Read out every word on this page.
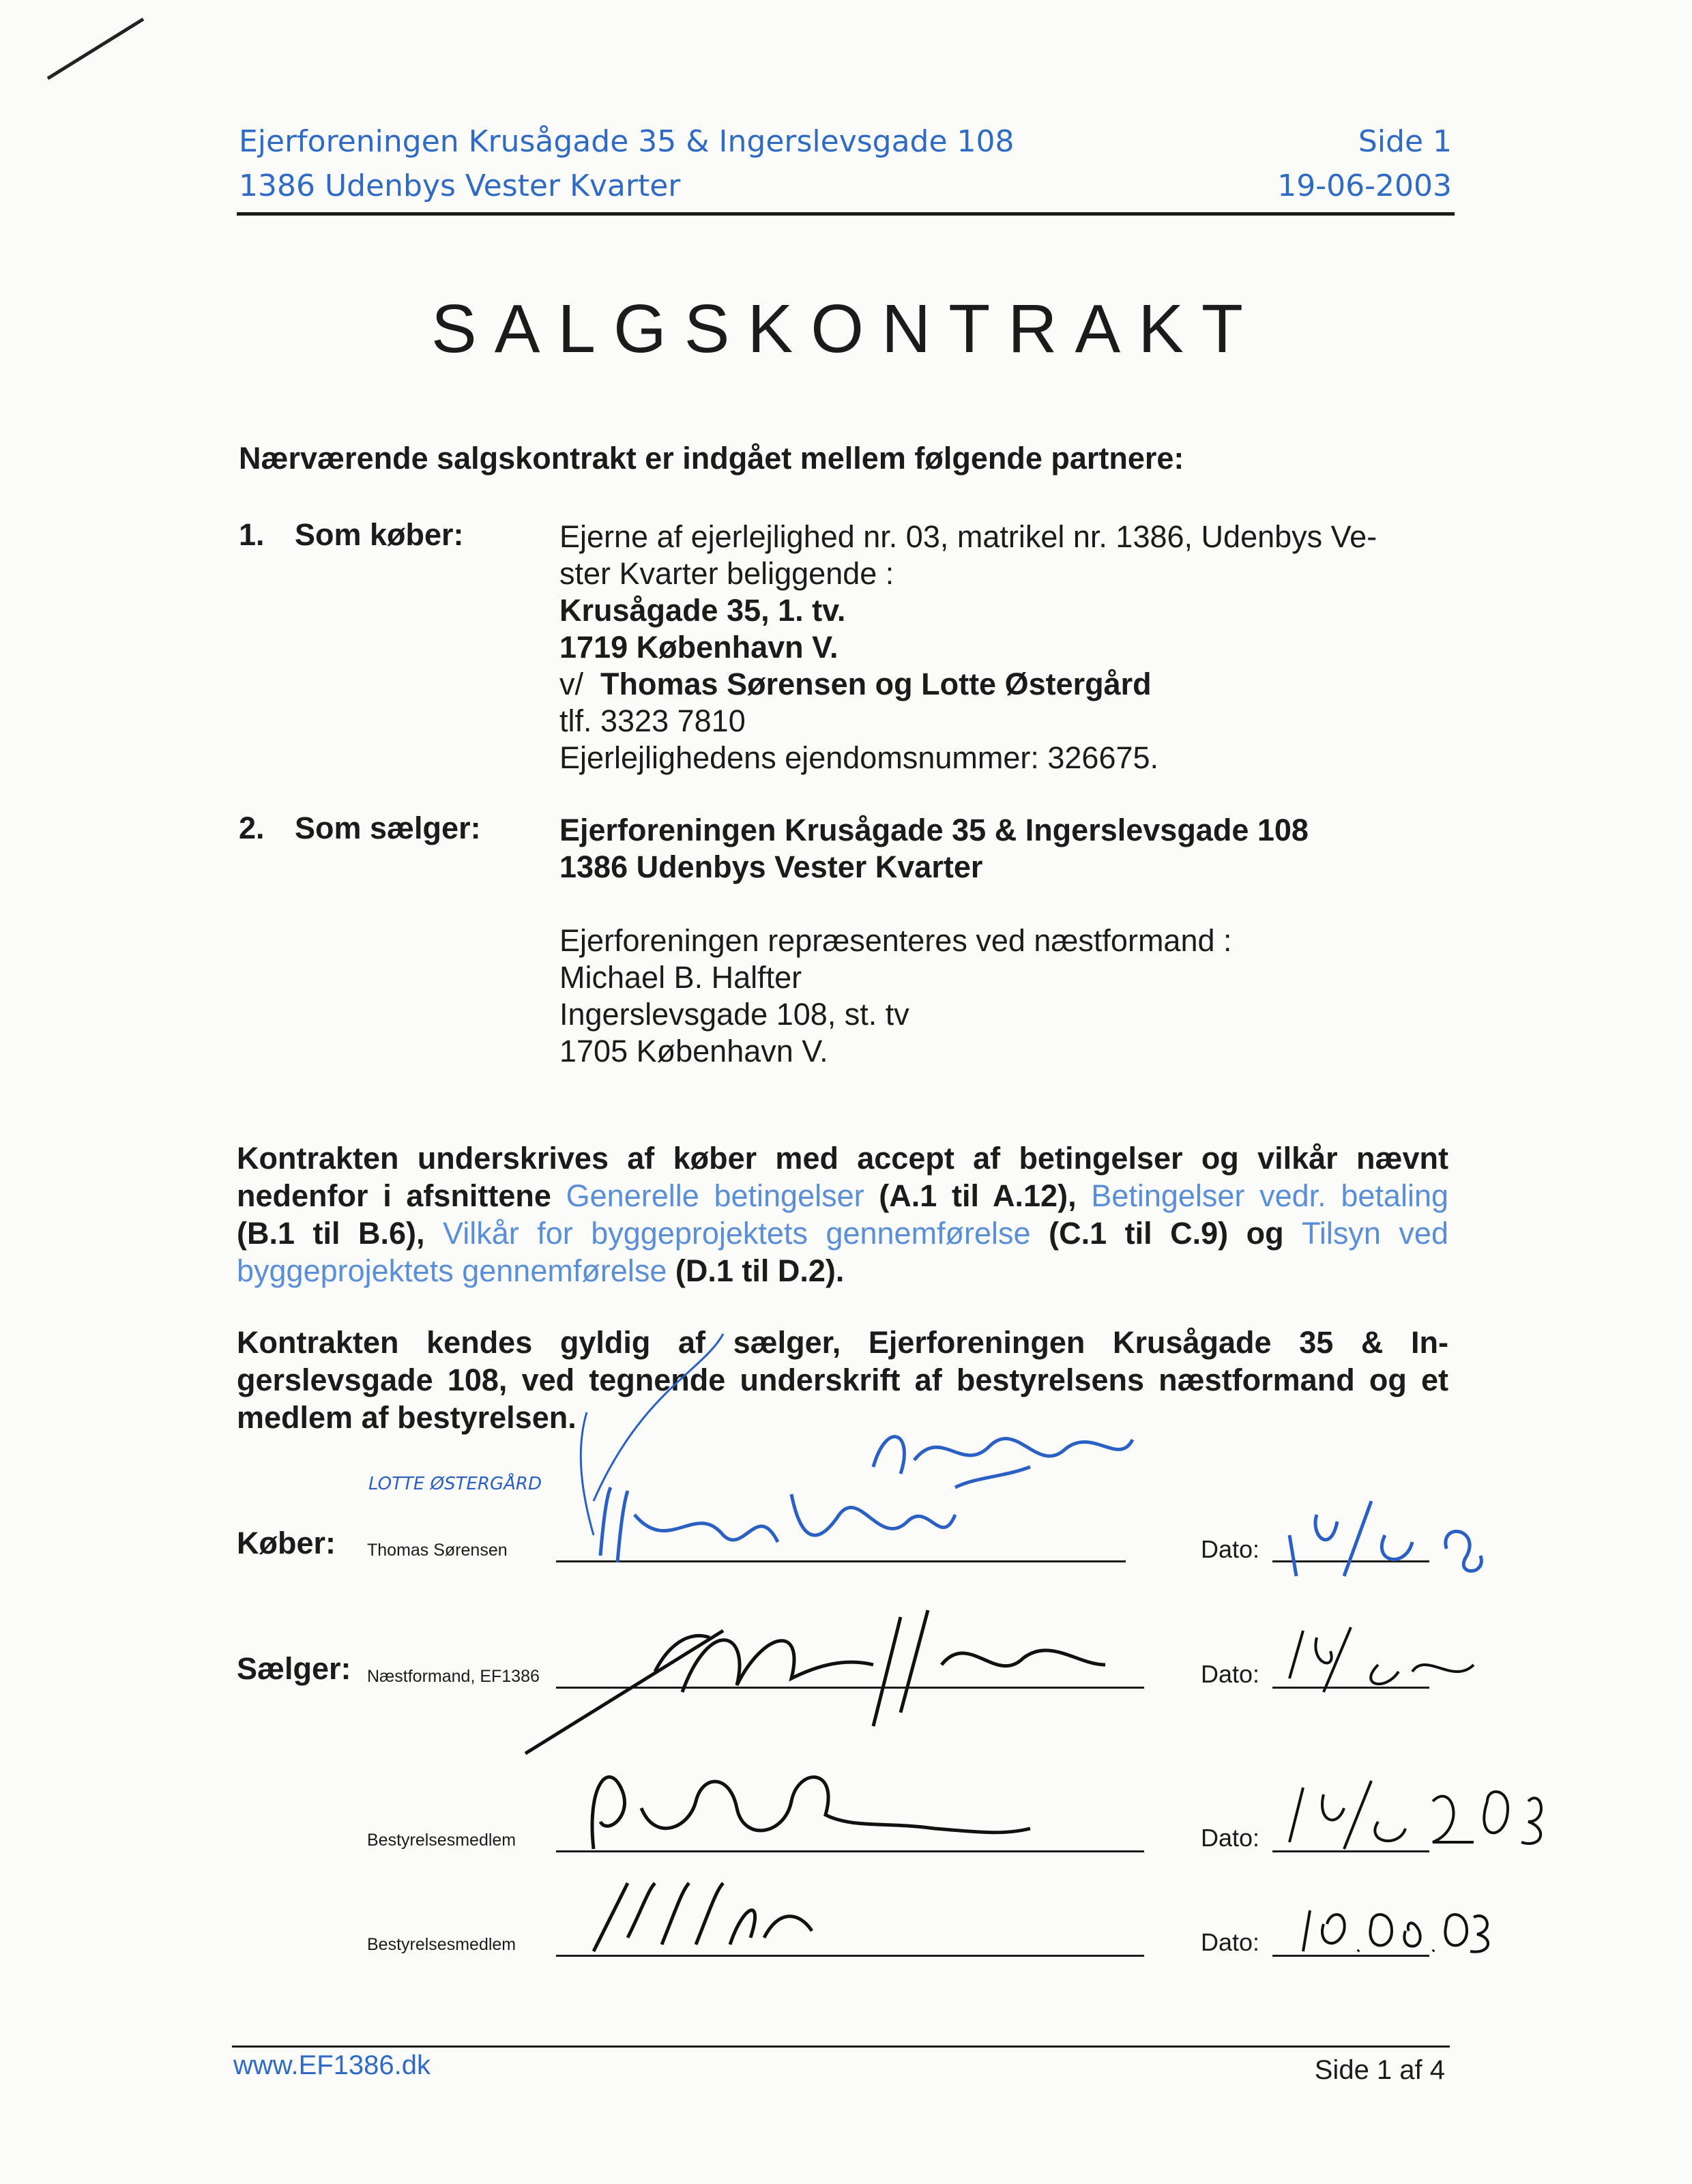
Ejerforeningen Krusågade 35 & Ingerslevsgade 108
1386 Udenbys Vester Kvarter
Side 1
19-06-2003
SALGSKONTRAKT
Nærværende salgskontrakt er indgået mellem følgende partnere:
1. Som køber:	Ejerne af ejerlejlighed nr. 03, matrikel nr. 1386, Udenbys Ve-
ster Kvarter beliggende :
Krusågade 35, 1. tv.
1719 København V.
v/ Thomas Sørensen og Lotte Østergård
tlf. 3323 7810
Ejerlejlighedens ejendomsnummer: 326675.
2. Som sælger:	Ejerforeningen Krusågade 35 & Ingerslevsgade 108
1386 Udenbys Vester Kvarter
Ejerforeningen repræsenteres ved næstformand :
Michael B. Halfter
Ingerslevsgade 108, st. tv
1705 København V.
Kontrakten underskrives af køber med accept af betingelser og vilkår nævnt nedenfor i afsnittene Generelle betingelser (A.1 til A.12), Betingelser vedr. betaling (B.1 til B.6), Vilkår for byggeprojektets gennemførelse (C.1 til C.9) og Tilsyn ved byggeprojektets gennemførelse (D.1 til D.2).
Kontrakten kendes gyldig af sælger, Ejerforeningen Krusågade 35 & Ingerslevsgade 108, ved tegnende underskrift af bestyrelsens næstformand og et medlem af bestyrelsen.
Køber: Thomas Sørensen
LOTTE ØSTERGÅRD
Dato:
Sælger: Næstformand, EF1386	Dato:
Bestyrelsesmedlem	Dato:
Bestyrelsesmedlem	Dato:
www.EF1386.dk	Side 1 af 4
